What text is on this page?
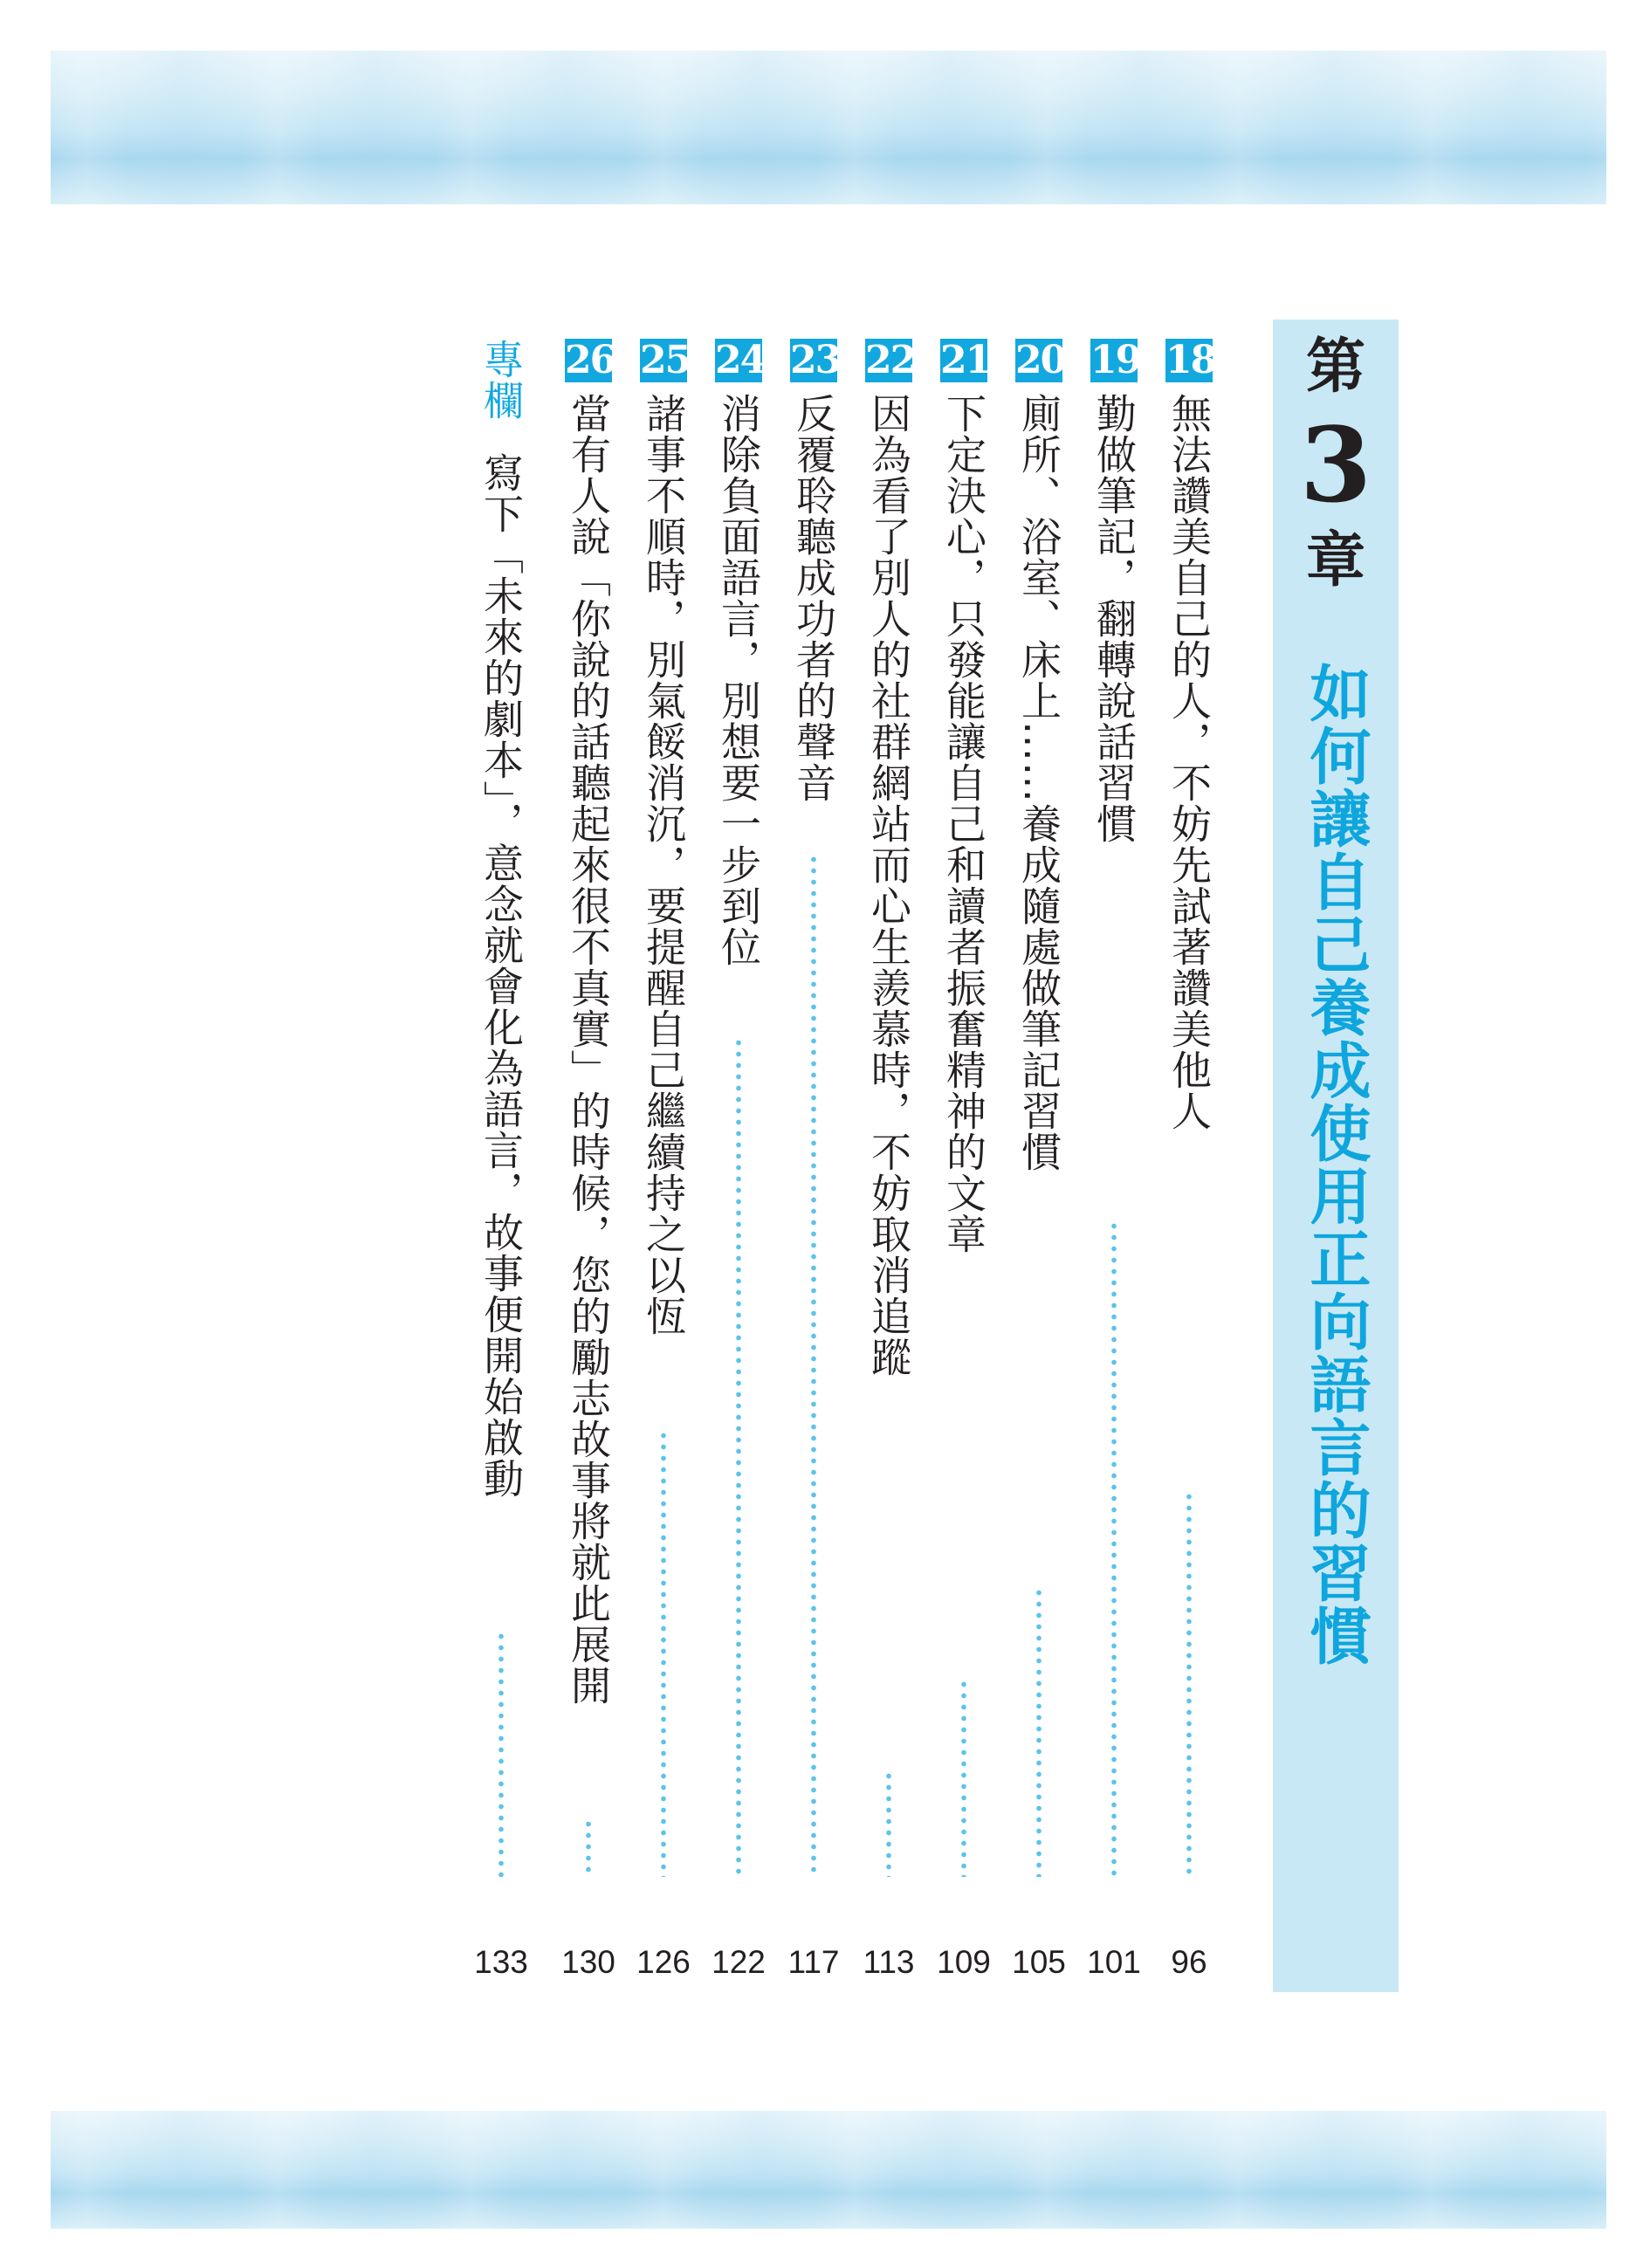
第
3
章
如何讓自己養成使用正向語言的習慣
18
無法讚美自己的人，不妨先試著讚美他人
96
19
勤做筆記，翻轉說話習慣
101
20
廁所、浴室、床上……養成隨處做筆記習慣
105
21
下定決心，只發能讓自己和讀者振奮精神的文章
109
22
因為看了別人的社群網站而心生羨慕時，不妨取消追蹤
113
23
反覆聆聽成功者的聲音
117
24
消除負面語言，別想要一步到位
122
25
諸事不順時，別氣餒消沉，要提醒自己繼續持之以恆
126
26
當有人說「你說的話聽起來很不真實」的時候，您的勵志故事將就此展開
130
專欄
寫下「未來的劇本」，意念就會化為語言，故事便開始啟動
133
